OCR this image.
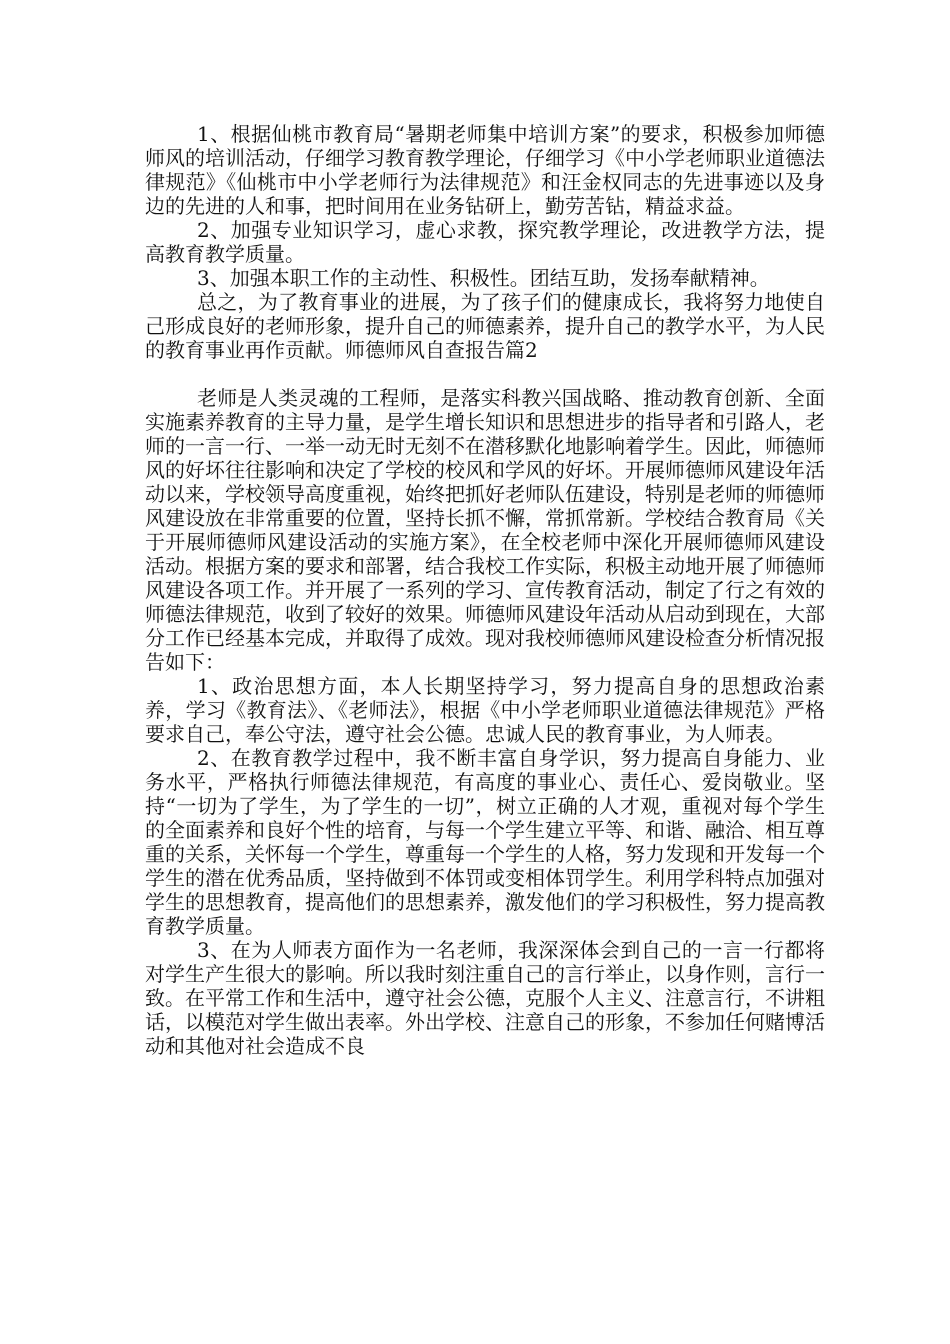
1、根据仙桃市教育局“暑期老师集中培训方案”的要求，积极参加师德师风的培训活动，仔细学习教育教学理论，仔细学习《中小学老师职业道德法律规范》《仙桃市中小学老师行为法律规范》和汪金权同志的先进事迹以及身边的先进的人和事，把时间用在业务钻研上，勤劳苦钻，精益求益。

2、加强专业知识学习，虚心求教，探究教学理论，改进教学方法，提高教育教学质量。

3、加强本职工作的主动性、积极性。团结互助，发扬奉献精神。

总之，为了教育事业的进展，为了孩子们的健康成长，我将努力地使自己形成良好的老师形象，提升自己的师德素养，提升自己的教学水平，为人民的教育事业再作贡献。师德师风自查报告篇2

老师是人类灵魂的工程师，是落实科教兴国战略、推动教育创新、全面实施素养教育的主导力量，是学生增长知识和思想进步的指导者和引路人，老师的一言一行、一举一动无时无刻不在潜移默化地影响着学生。因此，师德师风的好坏往往影响和决定了学校的校风和学风的好坏。开展师德师风建设年活动以来，学校领导高度重视，始终把抓好老师队伍建设，特别是老师的师德师风建设放在非常重要的位置，坚持长抓不懈，常抓常新。学校结合教育局《关于开展师德师风建设活动的实施方案》，在全校老师中深化开展师德师风建设活动。根据方案的要求和部署，结合我校工作实际，积极主动地开展了师德师风建设各项工作。并开展了一系列的学习、宣传教育活动，制定了行之有效的师德法律规范，收到了较好的效果。师德师风建设年活动从启动到现在，大部分工作已经基本完成，并取得了成效。现对我校师德师风建设检查分析情况报告如下：

1、政治思想方面，本人长期坚持学习，努力提高自身的思想政治素养，学习《教育法》、《老师法》，根据《中小学老师职业道德法律规范》严格要求自己，奉公守法，遵守社会公德。忠诚人民的教育事业，为人师表。

2、在教育教学过程中，我不断丰富自身学识，努力提高自身能力、业务水平，严格执行师德法律规范，有高度的事业心、责任心、爱岗敬业。坚持“一切为了学生，为了学生的一切”，树立正确的人才观，重视对每个学生的全面素养和良好个性的培育，与每一个学生建立平等、和谐、融洽、相互尊重的关系，关怀每一个学生，尊重每一个学生的人格，努力发现和开发每一个学生的潜在优秀品质，坚持做到不体罚或变相体罚学生。利用学科特点加强对学生的思想教育，提高他们的思想素养，激发他们的学习积极性，努力提高教育教学质量。

3、在为人师表方面作为一名老师，我深深体会到自己的一言一行都将对学生产生很大的影响。所以我时刻注重自己的言行举止，以身作则，言行一致。在平常工作和生活中，遵守社会公德，克服个人主义、注意言行，不讲粗话，以模范对学生做出表率。外出学校、注意自己的形象，不参加任何赌博活动和其他对社会造成不良
